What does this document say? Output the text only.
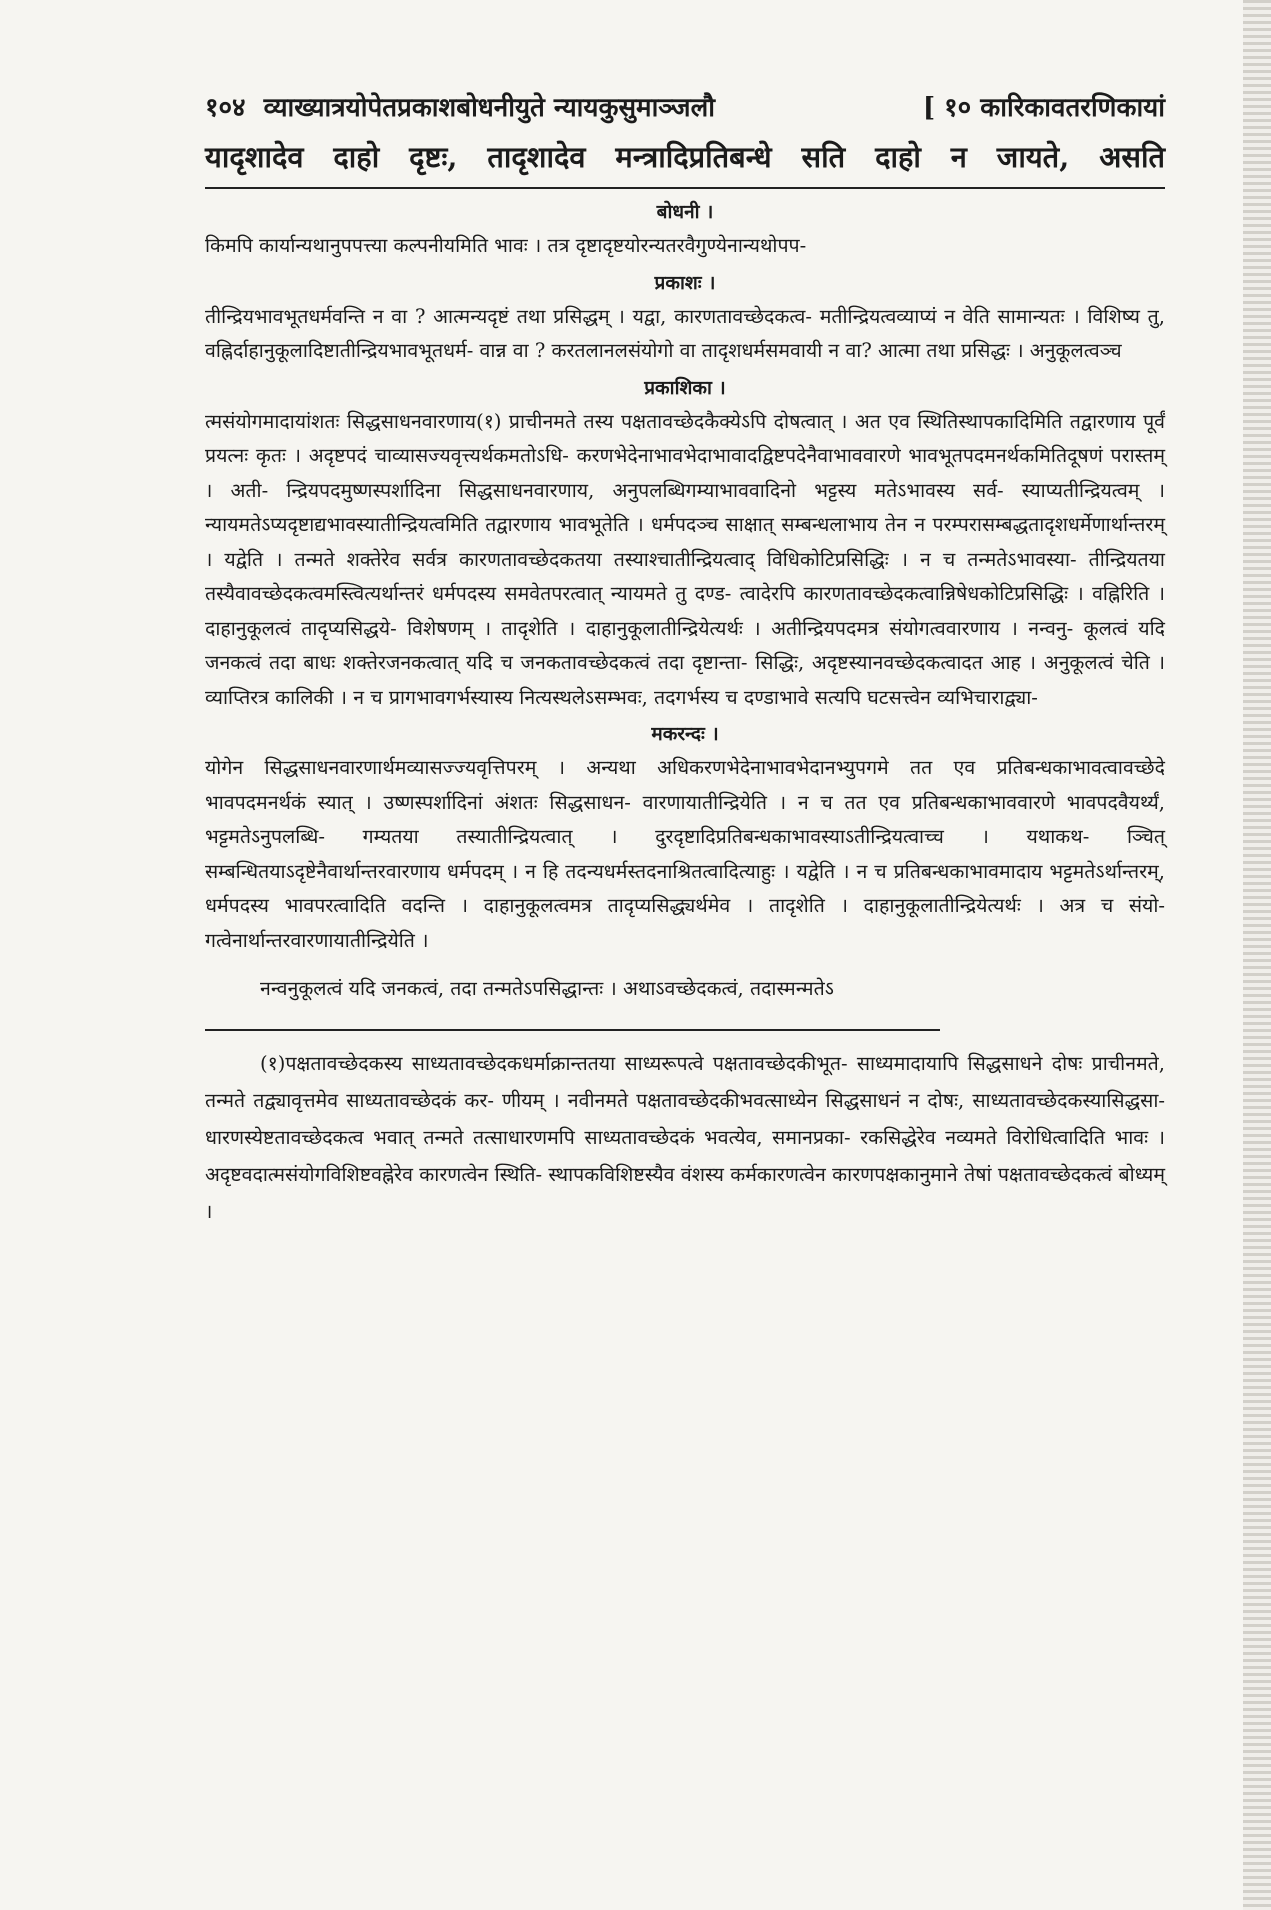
१०४ व्याख्यात्रयोपेतप्रकाशबोधनीयुते न्यायकुसुमाञ्जलौ	[ १० कारिकावतरणिकायां
यादृशादेव दाहो दृष्टः, तादृशादेव मन्त्रादिप्रतिबन्धे सति दाहो न जायते, असति
बोधनी ।

किमपि कार्यान्यथानुपपत्त्या कल्पनीयमिति भावः । तत्र दृष्टादृष्टयोरन्यतरवैगुण्येनान्यथोपप-

प्रकाशः ।

तीन्द्रियभावभूतधर्मवन्ति न वा ? आत्मन्यदृष्टं तथा प्रसिद्धम् । यद्वा, कारणतावच्छेदकत्व- मतीन्द्रियत्वव्याप्यं न वेति सामान्यतः । विशिष्य तु, वह्निर्दाहानुकूलादिष्टातीन्द्रियभावभूतधर्म- वान्न वा ? करतलानलसंयोगो वा तादृशधर्मसमवायी न वा? आत्मा तथा प्रसिद्धः । अनुकूलत्वञ्च

प्रकाशिका ।

त्मसंयोगमादायांशतः सिद्धसाधनवारणाय(१) प्राचीनमते तस्य पक्षतावच्छेदकैक्येऽपि दोषत्वात् । अत एव स्थितिस्थापकादिमिति तद्वारणाय पूर्वं प्रयत्नः कृतः । अदृष्टपदं चाव्यासज्यवृत्त्यर्थकमतोऽधि- करणभेदेनाभावभेदाभावादद्विष्टपदेनैवाभाववारणे भावभूतपदमनर्थकमितिदूषणं परास्तम् । अती- न्द्रियपदमुष्णस्पर्शादिना सिद्धसाधनवारणाय, अनुपलब्धिगम्याभाववादिनो भट्टस्य मतेऽभावस्य सर्व- स्याप्यतीन्द्रियत्वम् । न्यायमतेऽप्यदृष्टाद्यभावस्यातीन्द्रियत्वमिति तद्वारणाय भावभूतेति । धर्मपदञ्च साक्षात् सम्बन्धलाभाय तेन न परम्परासम्बद्धतादृशधर्मेणार्थान्तरम् । यद्वेति । तन्मते शक्तेरेव सर्वत्र कारणतावच्छेदकतया तस्याश्चातीन्द्रियत्वाद् विधिकोटिप्रसिद्धिः । न च तन्मतेऽभावस्या- तीन्द्रियतया तस्यैवावच्छेदकत्वमस्त्वित्यर्थान्तरं धर्मपदस्य समवेतपरत्वात् न्यायमते तु दण्ड- त्वादेरपि कारणतावच्छेदकत्वान्निषेधकोटिप्रसिद्धिः । वह्निरिति । दाहानुकूलत्वं तादृप्यसिद्धये- विशेषणम् । तादृशेति । दाहानुकूलातीन्द्रियेत्यर्थः । अतीन्द्रियपदमत्र संयोगत्ववारणाय । नन्वनु- कूलत्वं यदि जनकत्वं तदा बाधः शक्तेरजनकत्वात् यदि च जनकतावच्छेदकत्वं तदा दृष्टान्ता- सिद्धिः, अदृष्टस्यानवच्छेदकत्वादत आह । अनुकूलत्वं चेति । व्याप्तिरत्र कालिकी । न च प्रागभावगर्भस्यास्य नित्यस्थलेऽसम्भवः, तदगर्भस्य च दण्डाभावे सत्यपि घटसत्त्वेन व्यभिचाराद्व्या-

मकरन्दः ।

योगेन सिद्धसाधनवारणार्थमव्यासज्ज्यवृत्तिपरम् । अन्यथा अधिकरणभेदेनाभावभेदानभ्युपगमे तत एव प्रतिबन्धकाभावत्वावच्छेदे भावपदमनर्थकं स्यात् । उष्णस्पर्शादिनां अंशतः सिद्धसाधन- वारणायातीन्द्रियेति । न च तत एव प्रतिबन्धकाभाववारणे भावपदवैयर्थ्यं, भट्टमतेऽनुपलब्धि- गम्यतया तस्यातीन्द्रियत्वात् । दुरदृष्टादिप्रतिबन्धकाभावस्याऽतीन्द्रियत्वाच्च । यथाकथ- ञ्चित् सम्बन्धितयाऽदृष्टेनैवार्थान्तरवारणाय धर्मपदम् । न हि तदन्यधर्मस्तदनाश्रितत्वादित्याहुः । यद्वेति । न च प्रतिबन्धकाभावमादाय भट्टमतेऽर्थान्तरम्, धर्मपदस्य भावपरत्वादिति वदन्ति । दाहानुकूलत्वमत्र तादृप्यसिद्ध्यर्थमेव । तादृशेति । दाहानुकूलातीन्द्रियेत्यर्थः । अत्र च संयो- गत्वेनार्थान्तरवारणायातीन्द्रियेति ।

नन्वनुकूलत्वं यदि जनकत्वं, तदा तन्मतेऽपसिद्धान्तः । अथाऽवच्छेदकत्वं, तदास्मन्मतेऽ

(१)पक्षतावच्छेदकस्य साध्यतावच्छेदकधर्माक्रान्ततया साध्यरूपत्वे पक्षतावच्छेदकीभूत- साध्यमादायापि सिद्धसाधने दोषः प्राचीनमते, तन्मते तद्व्यावृत्तमेव साध्यतावच्छेदकं कर- णीयम् । नवीनमते पक्षतावच्छेदकीभवत्साध्येन सिद्धसाधनं न दोषः, साध्यतावच्छेदकस्यासिद्धसा- धारणस्येष्टतावच्छेदकत्व भवात् तन्मते तत्साधारणमपि साध्यतावच्छेदकं भवत्येव, समानप्रका- रकसिद्धेरेव नव्यमते विरोधित्वादिति भावः । अदृष्टवदात्मसंयोगविशिष्टवह्नेरेव कारणत्वेन स्थिति- स्थापकविशिष्टस्यैव वंशस्य कर्मकारणत्वेन कारणपक्षकानुमाने तेषां पक्षतावच्छेदकत्वं बोध्यम् ।
